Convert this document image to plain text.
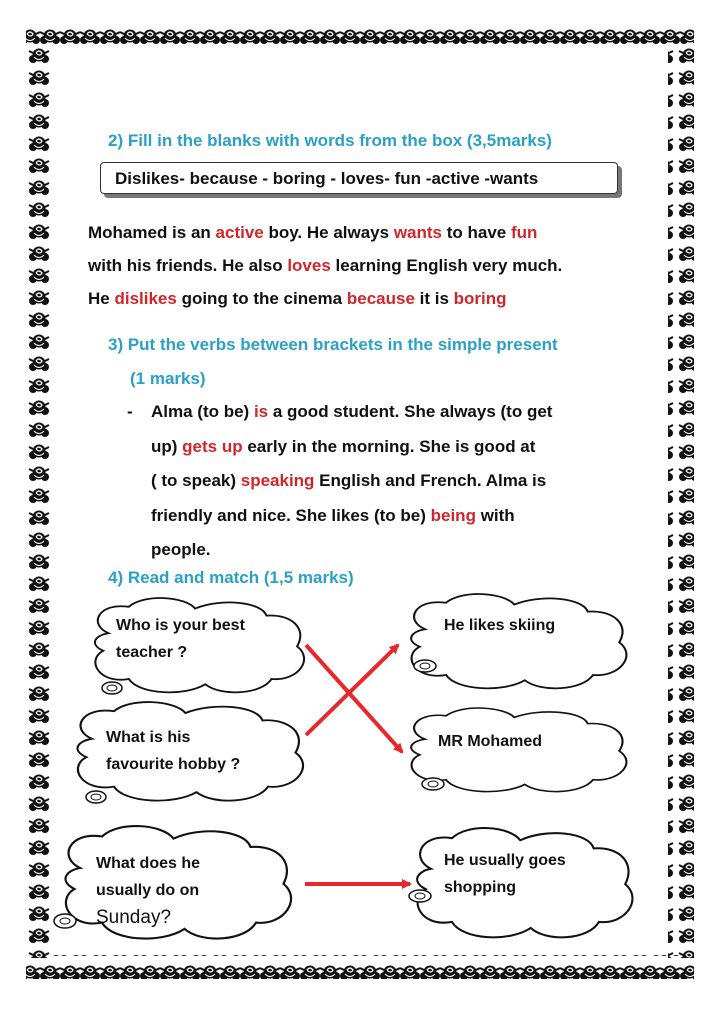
2) Fill in the blanks with words from the box (3,5marks)
Dislikes- because - boring - loves- fun -active -wants
Mohamed is an active boy. He always wants to have fun
with his friends. He also loves learning English very much.
He dislikes going to the cinema because it is boring
3) Put the verbs between brackets in the simple present
(1 marks)
- Alma (to be) is a good student. She always (to get
up) gets up early in the morning. She is good at
( to speak) speaking English and French. Alma is
friendly and nice. She likes (to be) being with
people.
4) Read and match (1,5 marks)
Who is your best
teacher ?
What is his
favourite hobby ?
What does he
usually do on
Sunday?
He likes skiing
MR Mohamed
He usually goes
shopping
